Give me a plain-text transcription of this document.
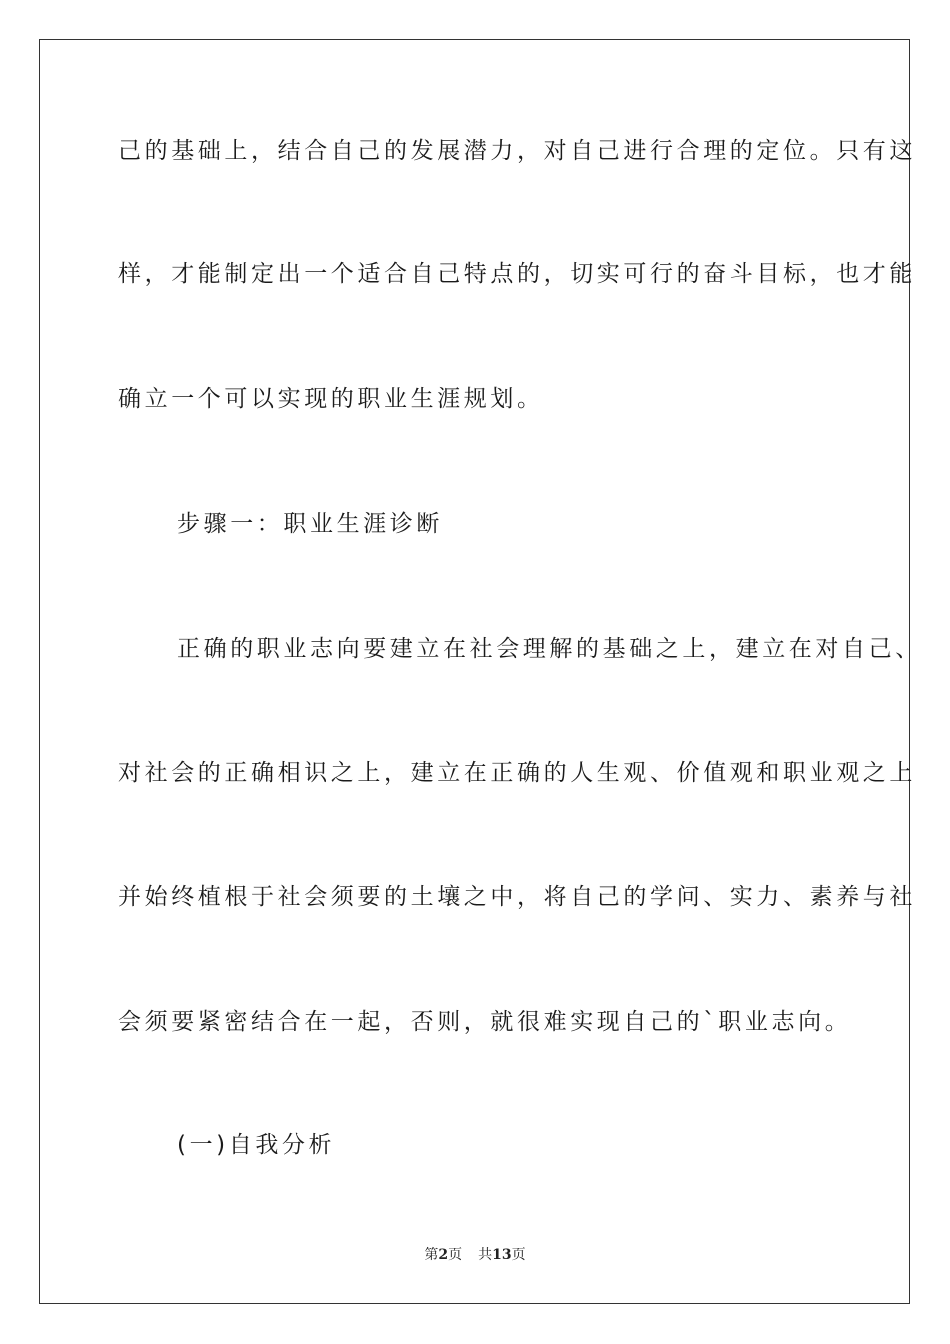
己的基础上，结合自己的发展潜力，对自己进行合理的定位。只有这
样，才能制定出一个适合自己特点的，切实可行的奋斗目标，也才能
确立一个可以实现的职业生涯规划。
步骤一：职业生涯诊断
正确的职业志向要建立在社会理解的基础之上，建立在对自己、
对社会的正确相识之上，建立在正确的人生观、价值观和职业观之上
并始终植根于社会须要的土壤之中，将自己的学问、实力、素养与社
会须要紧密结合在一起，否则，就很难实现自己的`职业志向。
(一)自我分析
第2页 共13页
